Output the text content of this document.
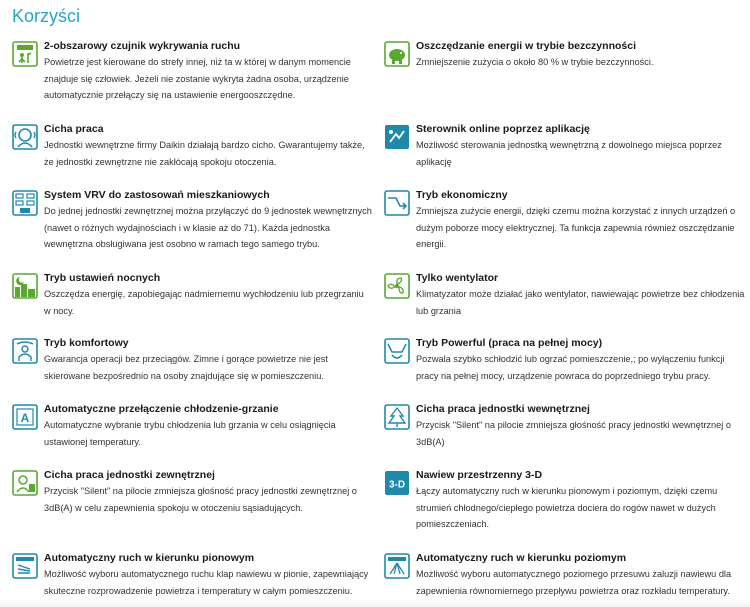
Korzyści
2-obszarowy czujnik wykrywania ruchu
Powietrze jest kierowane do strefy innej, niż ta w której w danym momencie znajduje się człowiek. Jeżeli nie zostanie wykryta żadna osoba, urządzenie automatycznie przełączy się na ustawienie energooszczędne.
Cicha praca
Jednostki wewnętrzne firmy Daikin działają bardzo cicho. Gwarantujemy także, że jednostki zewnętrzne nie zakłócają spokoju otoczenia.
System VRV do zastosowań mieszkaniowych
Do jednej jednostki zewnętrznej można przyłączyć do 9 jednostek wewnętrznych (nawet o różnych wydajnościach i w klasie aż do 71). Każda jednostka wewnętrzna obsługiwana jest osobno w ramach tego samego trybu.
Tryb ustawień nocnych
Oszczędza energię, zapobiegając nadmiernemu wychłodzeniu lub przegrzaniu w nocy.
Tryb komfortowy
Gwarancja operacji bez przeciągów. Zimne i gorące powietrze nie jest skierowane bezpośrednio na osoby znajdujące się w pomieszczeniu.
A
Automatyczne przełączenie chłodzenie-grzanie
Automatyczne wybranie trybu chłodzenia lub grzania w celu osiągnięcia ustawionej temperatury.
Cicha praca jednostki zewnętrznej
Przycisk "Silent" na pilocie zmniejsza głośność pracy jednostki zewnętrznej o 3dB(A) w celu zapewnienia spokoju w otoczeniu sąsiadujących.
Automatyczny ruch w kierunku pionowym
Możliwość wyboru automatycznego ruchu klap nawiewu w pionie, zapewniający skuteczne rozprowadzenie powietrza i temperatury w całym pomieszczeniu.
Oszczędzanie energii w trybie bezczynności
Zmniejszenie zużycia o około 80 % w trybie bezczynności.
Sterownik online poprzez aplikację
Możliwość sterowania jednostką wewnętrzną z dowolnego miejsca poprzez aplikację
Tryb ekonomiczny
Zmniejsza zużycie energii, dzięki czemu można korzystać z innych urządzeń o dużym poborze mocy elektrycznej. Ta funkcja zapewnia również oszczędzanie energii.
Tylko wentylator
Klimatyzator może działać jako wentylator, nawiewając powietrze bez chłodzenia lub grzania
Tryb Powerful (praca na pełnej mocy)
Pozwala szybko schłodzić lub ogrzać pomieszczenie,; po wyłączeniu funkcji pracy na pełnej mocy, urządzenie powraca do poprzedniego trybu pracy.
Cicha praca jednostki wewnętrznej
Przycisk "Silent" na pilocie zmniejsza głośność pracy jednostki wewnętrznej o 3dB(A)
3-D
Nawiew przestrzenny 3-D
Łączy automatyczny ruch w kierunku pionowym i poziomym, dzięki czemu strumień chłodnego/ciepłego powietrza dociera do rogów nawet w dużych pomieszczeniach.
Automatyczny ruch w kierunku poziomym
Możliwość wyboru automatycznego poziomego przesuwu żaluzji nawiewu dla zapewnienia równomiernego przepływu powietrza oraz rozkładu temperatury.
